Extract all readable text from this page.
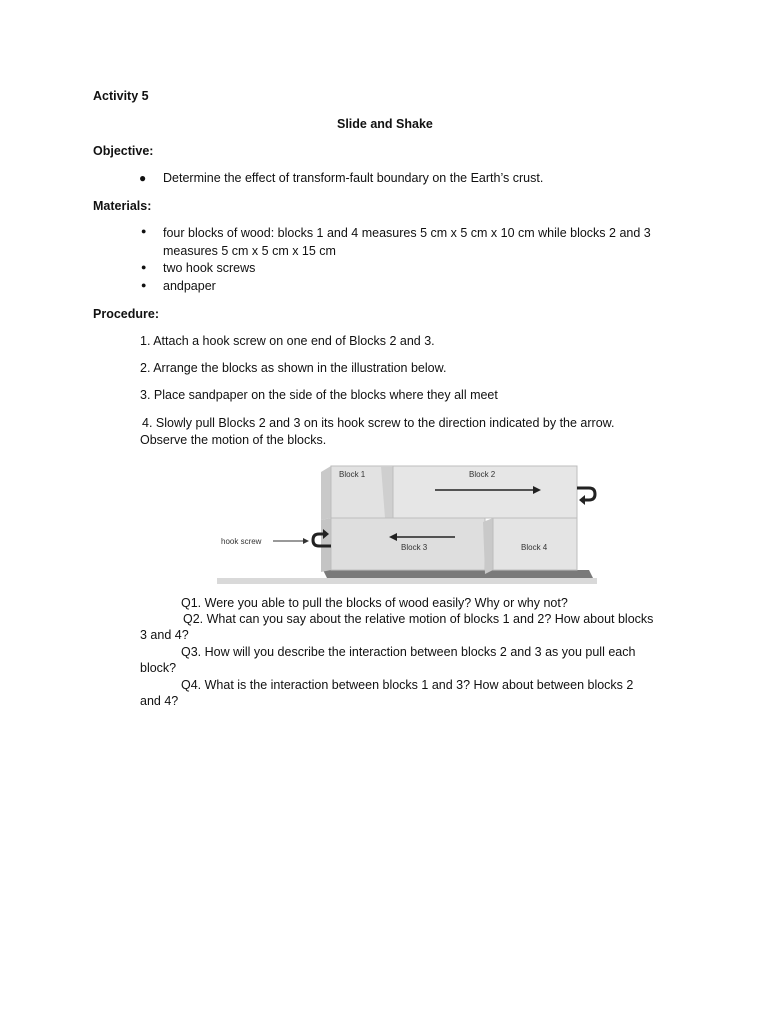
Activity 5
Slide and Shake
Objective:
● Determine the effect of transform-fault boundary on the Earth’s crust.
Materials:
● four blocks of wood: blocks 1 and 4 measures 5 cm x 5 cm x 10 cm while blocks 2 and 3
measures 5 cm x 5 cm x 15 cm
● two hook screws
● andpaper
Procedure:
1. Attach a hook screw on one end of Blocks 2 and 3.
2. Arrange the blocks as shown in the illustration below.
3. Place sandpaper on the side of the blocks where they all meet
4. Slowly pull Blocks 2 and 3 on its hook screw to the direction indicated by the arrow.
Observe the motion of the blocks.
Block 1	Block 2
Block 3	Block 4
hook screw
Q1. Were you able to pull the blocks of wood easily? Why or why not?
Q2. What can you say about the relative motion of blocks 1 and 2? How about blocks
3 and 4?
Q3. How will you describe the interaction between blocks 2 and 3 as you pull each
block?
Q4. What is the interaction between blocks 1 and 3? How about between blocks 2
and 4?
